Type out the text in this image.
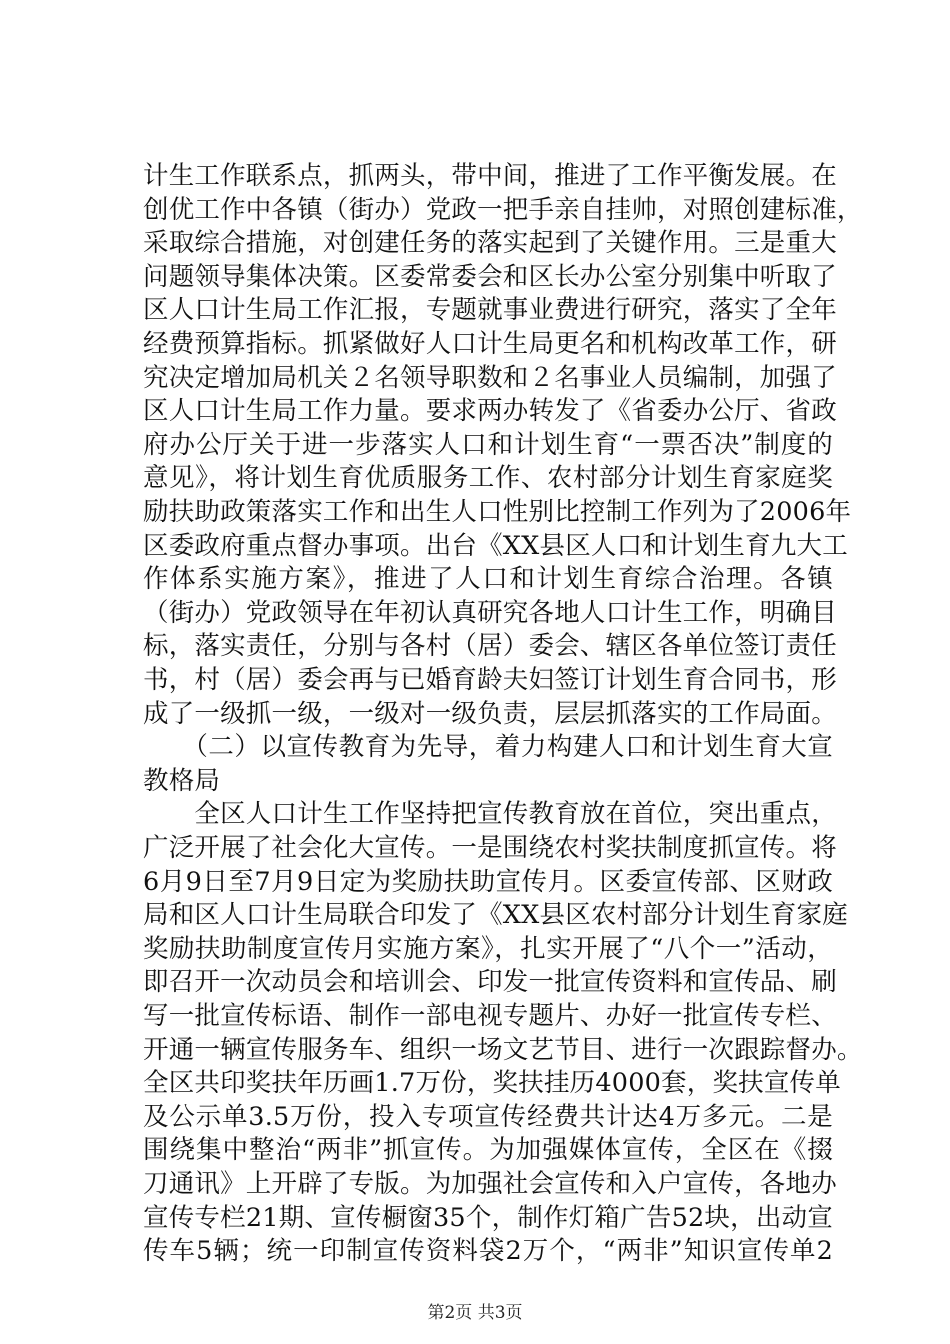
计生工作联系点，抓两头，带中间，推进了工作平衡发展。在
创优工作中各镇（街办）党政一把手亲自挂帅，对照创建标准，
采取综合措施，对创建任务的落实起到了关键作用。三是重大
问题领导集体决策。区委常委会和区长办公室分别集中听取了
区人口计生局工作汇报，专题就事业费进行研究，落实了全年
经费预算指标。抓紧做好人口计生局更名和机构改革工作，研
究决定增加局机关２名领导职数和２名事业人员编制，加强了
区人口计生局工作力量。要求两办转发了《省委办公厅、省政
府办公厅关于进一步落实人口和计划生育“一票否决”制度的
意见》，将计划生育优质服务工作、农村部分计划生育家庭奖
励扶助政策落实工作和出生人口性别比控制工作列为了2006年
区委政府重点督办事项。出台《XX县区人口和计划生育九大工
作体系实施方案》，推进了人口和计划生育综合治理。各镇
（街办）党政领导在年初认真研究各地人口计生工作，明确目
标，落实责任，分别与各村（居）委会、辖区各单位签订责任
书，村（居）委会再与已婚育龄夫妇签订计划生育合同书，形
成了一级抓一级，一级对一级负责，层层抓落实的工作局面。
　　（二）以宣传教育为先导，着力构建人口和计划生育大宣
教格局
　　全区人口计生工作坚持把宣传教育放在首位，突出重点，
广泛开展了社会化大宣传。一是围绕农村奖扶制度抓宣传。将
6月9日至7月9日定为奖励扶助宣传月。区委宣传部、区财政
局和区人口计生局联合印发了《XX县区农村部分计划生育家庭
奖励扶助制度宣传月实施方案》，扎实开展了“八个一”活动，
即召开一次动员会和培训会、印发一批宣传资料和宣传品、刷
写一批宣传标语、制作一部电视专题片、办好一批宣传专栏、
开通一辆宣传服务车、组织一场文艺节目、进行一次跟踪督办。
全区共印奖扶年历画1.7万份，奖扶挂历4000套，奖扶宣传单
及公示单3.5万份，投入专项宣传经费共计达4万多元。二是
围绕集中整治“两非”抓宣传。为加强媒体宣传，全区在《掇
刀通讯》上开辟了专版。为加强社会宣传和入户宣传，各地办
宣传专栏21期、宣传橱窗35个，制作灯箱广告52块，出动宣
传车5辆；统一印制宣传资料袋2万个，“两非”知识宣传单2
第2页 共3页
